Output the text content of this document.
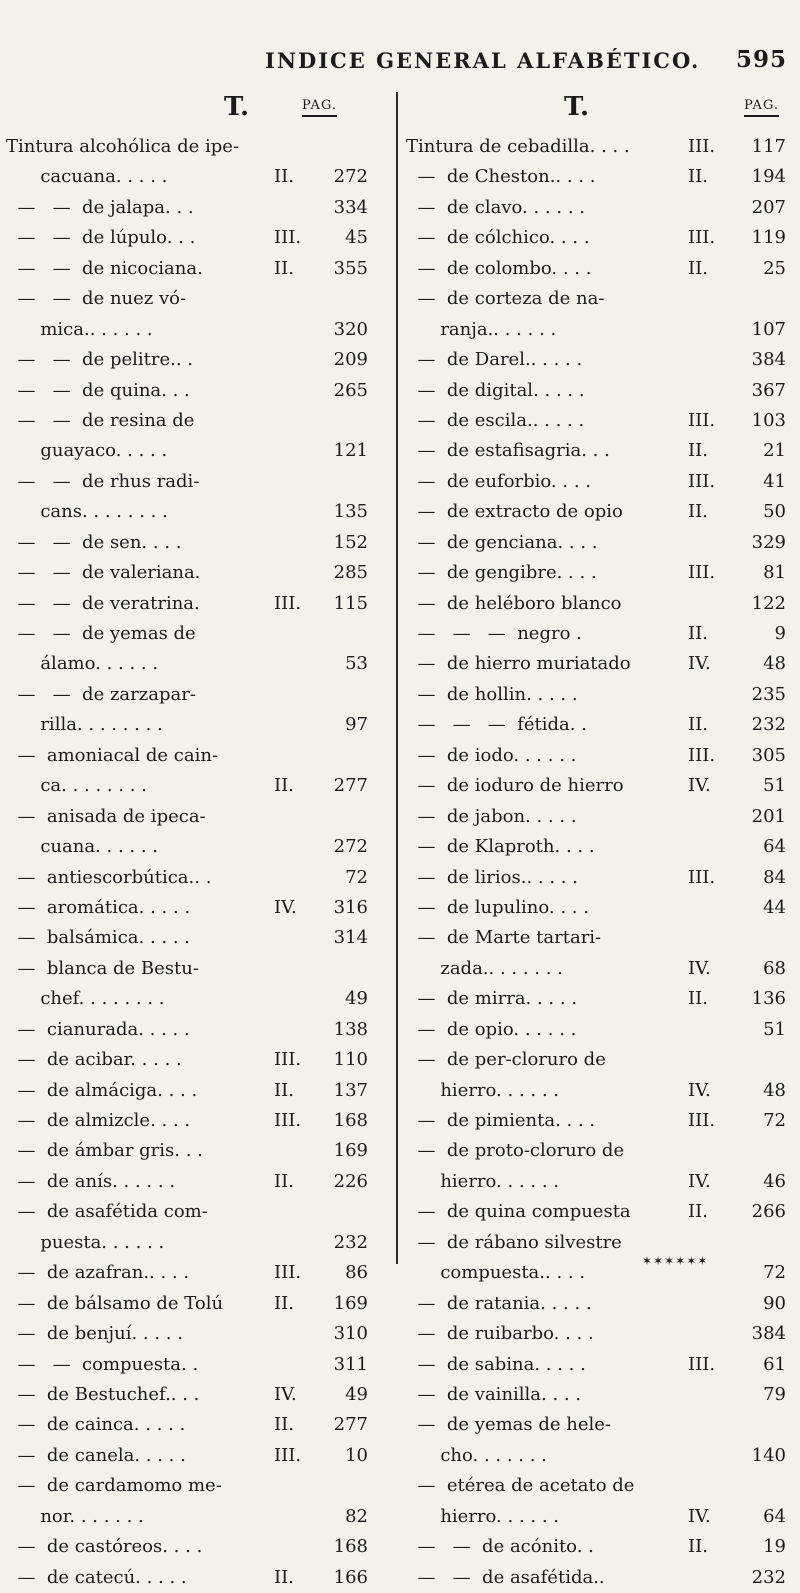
INDICE GENERAL ALFABÉTICO. 595
T.	PAG.
Tintura alcohólica de ipe-
cacuana. . . . .	II.	272
—   —  de jalapa. . .	334
—   —  de lúpulo. . .	III.	45
—   —  de nicociana.	II.	355
—   —  de nuez vó-
mica.. . . . . .	320
—   —  de pelitre.. .	209
—   —  de quina. . .	265
—   —  de resina de
guayaco. . . . .	121
—   —  de rhus radi-
cans. . . . . . . .	135
—   —  de sen. . . .	152
—   —  de valeriana.	285
—   —  de veratrina.	III.	115
—   —  de yemas de
álamo. . . . . .	53
—   —  de zarzapar-
rilla. . . . . . . .	97
—  amoniacal de cain-
ca. . . . . . . .	II.	277
—  anisada de ipeca-
cuana. . . . . .	272
—  antiescorbútica.. .	72
—  aromática. . . . .	IV.	316
—  balsámica. . . . .	314
—  blanca de Bestu-
chef. . . . . . . .	49
—  cianurada. . . . .	138
—  de acibar. . . . .	III.	110
—  de almáciga. . . .	II.	137
—  de almizcle. . . .	III.	168
—  de ámbar gris. . .	169
—  de anís. . . . . .	II.	226
—  de asafétida com-
puesta. . . . . .	232
—  de azafran.. . . .	III.	86
—  de bálsamo de Tolú	II.	169
—  de benjuí. . . . .	310
—   —  compuesta. .	311
—  de Bestuchef.. . .	IV.	49
—  de cainca. . . . .	II.	277
—  de canela. . . . .	III.	10
—  de cardamomo me-
nor. . . . . . .	82
—  de castóreos. . . .	168
—  de catecú. . . . .	II.	166
T.	PAG.
Tintura de cebadilla. . . .	III.	117
—  de Cheston.. . . .	II.	194
—  de clavo. . . . . .	207
—  de cólchico. . . .	III.	119
—  de colombo. . . .	II.	25
—  de corteza de na-
ranja.. . . . . .	107
—  de Darel.. . . . .	384
—  de digital. . . . .	367
—  de escila.. . . . .	III.	103
—  de estafisagria. . .	II.	21
—  de euforbio. . . .	III.	41
—  de extracto de opio	II.	50
—  de genciana. . . .	329
—  de gengibre. . . .	III.	81
—  de heléboro blanco	122
—   —   —  negro .	II.	9
—  de hierro muriatado	IV.	48
—  de hollin. . . . .	235
—   —   —  fétida. .	II.	232
—  de iodo. . . . . .	III.	305
—  de ioduro de hierro	IV.	51
—  de jabon. . . . .	201
—  de Klaproth. . . .	64
—  de lirios.. . . . .	III.	84
—  de lupulino. . . .	44
—  de Marte tartari-
zada.. . . . . . .	IV.	68
—  de mirra. . . . .	II.	136
—  de opio. . . . . .	51
—  de per-cloruro de
hierro. . . . . .	IV.	48
—  de pimienta. . . .	III.	72
—  de proto-cloruro de
hierro. . . . . .	IV.	46
—  de quina compuesta	II.	266
—  de rábano silvestre
compuesta.. . . .	72
—  de ratania. . . . .	90
—  de ruibarbo. . . .	384
—  de sabina. . . . .	III.	61
—  de vainilla. . . .	79
—  de yemas de hele-
cho. . . . . . .	140
—  etérea de acetato de
hierro. . . . . .	IV.	64
—   —  de acónito. .	II.	19
—   —  de asafétida..	232
✶✶✶✶✶✶
